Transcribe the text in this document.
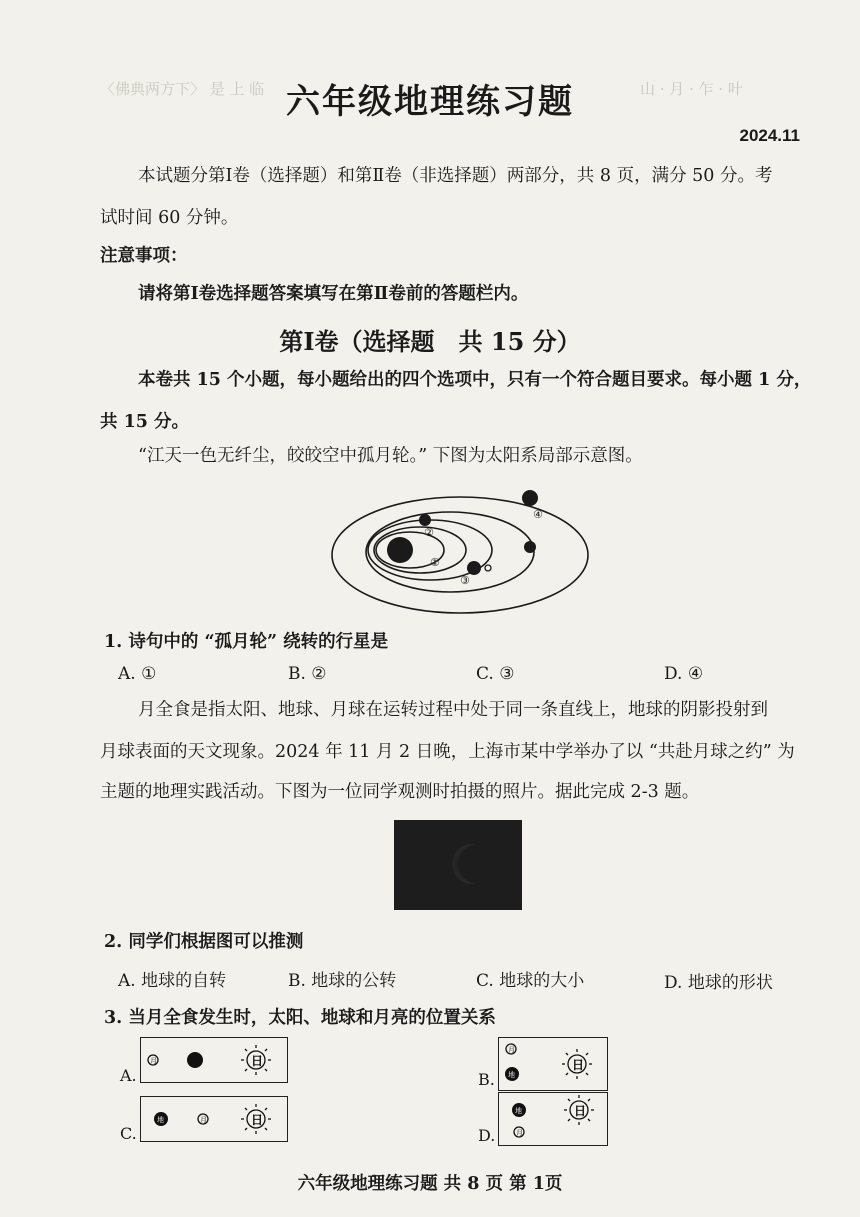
〈佛典两方下〉 是 上 临	山 · 月 · 乍 · 叶
六年级地理练习题
2024.11
本试题分第Ⅰ卷（选择题）和第Ⅱ卷（非选择题）两部分，共 8 页，满分 50 分。考
试时间 60 分钟。
注意事项：
请将第Ⅰ卷选择题答案填写在第Ⅱ卷前的答题栏内。
第Ⅰ卷（选择题　共 15 分）
本卷共 15 个小题，每小题给出的四个选项中，只有一个符合题目要求。每小题 1 分，
共 15 分。
“江天一色无纤尘，皎皎空中孤月轮。” 下图为太阳系局部示意图。
①
②
③
④
1. 诗句中的 “孤月轮” 绕转的行星是
A. ①	B. ②	C. ③	D. ④
月全食是指太阳、地球、月球在运转过程中处于同一条直线上，地球的阴影投射到
月球表面的天文现象。2024 年 11 月 2 日晚，上海市某中学举办了以 “共赴月球之约” 为
主题的地理实践活动。下图为一位同学观测时拍摄的照片。据此完成 2-3 题。
2. 同学们根据图可以推测
A. 地球的自转	B. 地球的公转	C. 地球的大小	D. 地球的形状
3. 当月全食发生时，太阳、地球和月亮的位置关系
A.
月	日
B.
月
地
日
C.
地	月	日
D.
地
月
日
六年级地理练习题 共 8 页 第 1页
